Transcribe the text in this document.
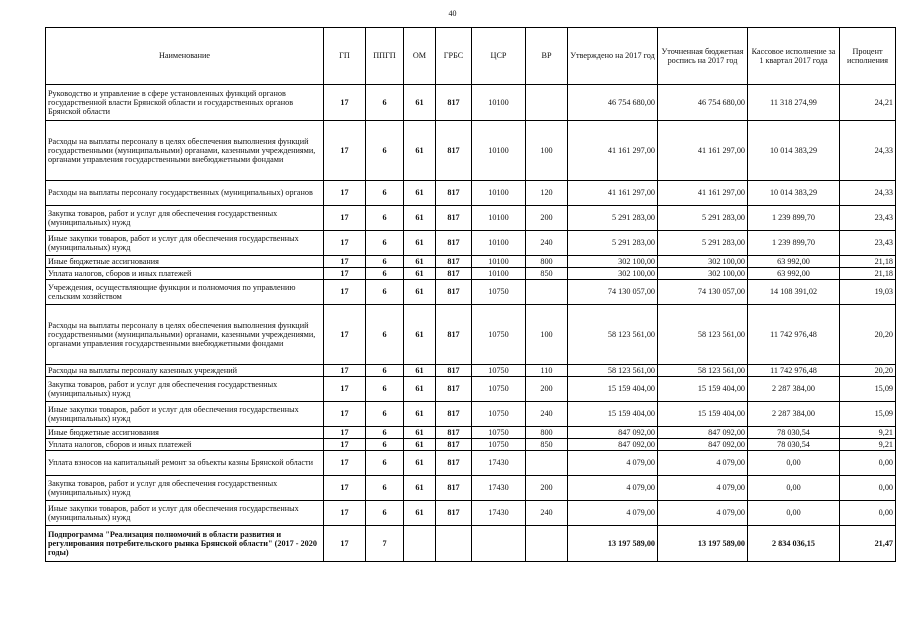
40
Наименование	ГП	ППГП	ОМ	ГРБС	ЦСР	ВР	Утверждено на 2017 год	Уточненная бюджетная роспись на 2017 год	Кассовое исполнение за 1 квартал 2017 года	Процент исполнения
Руководство и управление в сфере установленных функций органов государственной власти Брянской области и государственных органов Брянской области	17	6	61	817	10100		46 754 680,00	46 754 680,00	11 318 274,99	24,21
Расходы на выплаты персоналу в целях обеспечения выполнения функций государственными (муниципальными) органами, казенными учреждениями, органами управления государственными внебюджетными фондами	17	6	61	817	10100	100	41 161 297,00	41 161 297,00	10 014 383,29	24,33
Расходы на выплаты персоналу государственных (муниципальных) органов	17	6	61	817	10100	120	41 161 297,00	41 161 297,00	10 014 383,29	24,33
Закупка товаров, работ и услуг для обеспечения государственных (муниципальных) нужд	17	6	61	817	10100	200	5 291 283,00	5 291 283,00	1 239 899,70	23,43
Иные закупки товаров, работ и услуг для обеспечения государственных (муниципальных) нужд	17	6	61	817	10100	240	5 291 283,00	5 291 283,00	1 239 899,70	23,43
Иные бюджетные ассигнования	17	6	61	817	10100	800	302 100,00	302 100,00	63 992,00	21,18
Уплата налогов, сборов и иных платежей	17	6	61	817	10100	850	302 100,00	302 100,00	63 992,00	21,18
Учреждения, осуществляющие функции и полномочия по управлению сельским хозяйством	17	6	61	817	10750		74 130 057,00	74 130 057,00	14 108 391,02	19,03
Расходы на выплаты персоналу в целях обеспечения выполнения функций государственными (муниципальными) органами, казенными учреждениями, органами управления государственными внебюджетными фондами	17	6	61	817	10750	100	58 123 561,00	58 123 561,00	11 742 976,48	20,20
Расходы на выплаты персоналу казенных учреждений	17	6	61	817	10750	110	58 123 561,00	58 123 561,00	11 742 976,48	20,20
Закупка товаров, работ и услуг для обеспечения государственных (муниципальных) нужд	17	6	61	817	10750	200	15 159 404,00	15 159 404,00	2 287 384,00	15,09
Иные закупки товаров, работ и услуг для обеспечения государственных (муниципальных) нужд	17	6	61	817	10750	240	15 159 404,00	15 159 404,00	2 287 384,00	15,09
Иные бюджетные ассигнования	17	6	61	817	10750	800	847 092,00	847 092,00	78 030,54	9,21
Уплата налогов, сборов и иных платежей	17	6	61	817	10750	850	847 092,00	847 092,00	78 030,54	9,21
Уплата взносов на капитальный ремонт за объекты казны Брянской области	17	6	61	817	17430		4 079,00	4 079,00	0,00	0,00
Закупка товаров, работ и услуг для обеспечения государственных (муниципальных) нужд	17	6	61	817	17430	200	4 079,00	4 079,00	0,00	0,00
Иные закупки товаров, работ и услуг для обеспечения государственных (муниципальных) нужд	17	6	61	817	17430	240	4 079,00	4 079,00	0,00	0,00
Подпрограмма "Реализация полномочий в области развития и регулирования потребительского рынка Брянской области" (2017 - 2020 годы)	17	7					13 197 589,00	13 197 589,00	2 834 036,15	21,47
